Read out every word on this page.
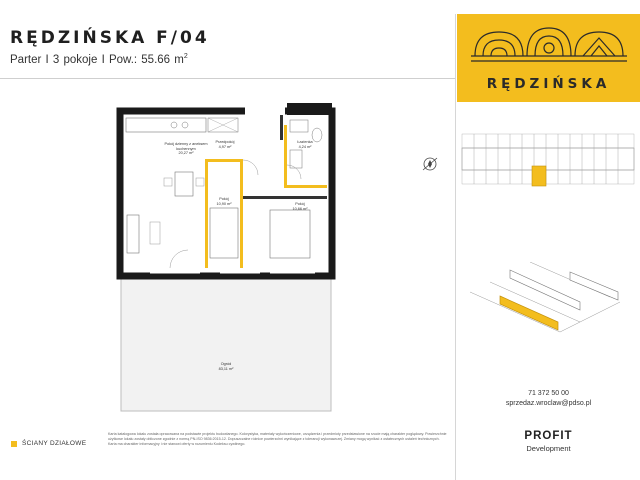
RĘDZIŃSKA F/04
Parter I 3 pokoje I Pow.: 55.66 $m^2$
RĘDZIŃSKA
Pokój dzienny z aneksem kuchennym
20,27 m²
Przedpokój
4,97 m²
Łazienka
4,24 m²
Pokój
10,90 m²	Pokój
10,66 m²
Ogród
83,11 m²
ŚCIANY DZIAŁOWE
Karta katalogowa lokalu została opracowana na podstawie projektu budowlanego. Kolorystyka, materiały wykończeniowe, urządzenia i przedmioty przedstawione na rzucie mają charakter poglądowy. Powierzchnie użytkowe lokalu zostały obliczone zgodnie z normą PN-ISO 9836:2015-12. Dopuszczalne różnice powierzchni wynikające z tolerancji wykonawczej. Zmiany mogą wynikać z ostatecznych ustaleń technicznych. Karta ma charakter informacyjny i nie stanowi oferty w rozumieniu Kodeksu cywilnego.
71 372 50 00
sprzedaz.wroclaw@pdso.pl
PROFIT
Development
